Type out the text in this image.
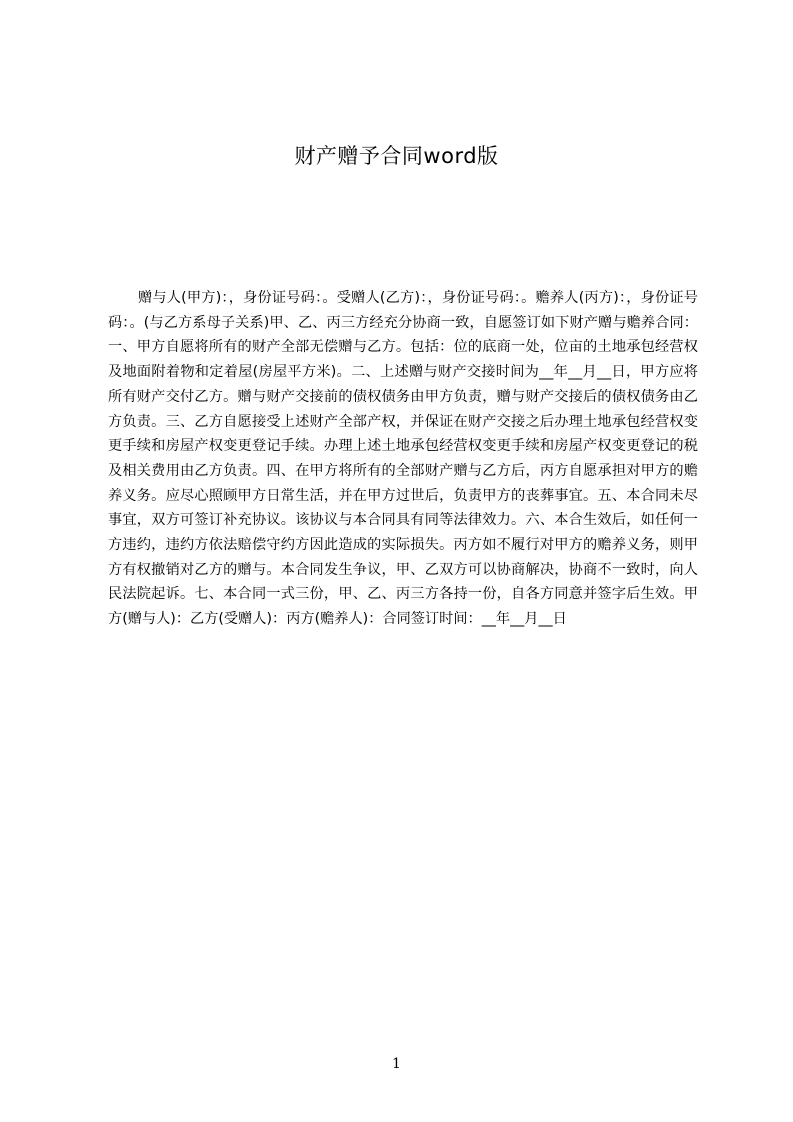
财产赠予合同word版

赠与人(甲方)：，身份证号码：。受赠人(乙方)：，身份证号码：。赡养人(丙方)：，身份证号码：。(与乙方系母子关系)甲、乙、丙三方经充分协商一致，自愿签订如下财产赠与赡养合同：一、甲方自愿将所有的财产全部无偿赠与乙方。包括：位的底商一处，位亩的土地承包经营权及地面附着物和定着屋(房屋平方米)。二、上述赠与财产交接时间为__年__月__日，甲方应将所有财产交付乙方。赠与财产交接前的债权债务由甲方负责，赠与财产交接后的债权债务由乙方负责。三、乙方自愿接受上述财产全部产权，并保证在财产交接之后办理土地承包经营权变更手续和房屋产权变更登记手续。办理上述土地承包经营权变更手续和房屋产权变更登记的税及相关费用由乙方负责。四、在甲方将所有的全部财产赠与乙方后，丙方自愿承担对甲方的赡养义务。应尽心照顾甲方日常生活，并在甲方过世后，负责甲方的丧葬事宜。五、本合同未尽事宜，双方可签订补充协议。该协议与本合同具有同等法律效力。六、本合生效后，如任何一方违约，违约方依法赔偿守约方因此造成的实际损失。丙方如不履行对甲方的赡养义务，则甲方有权撤销对乙方的赠与。本合同发生争议，甲、乙双方可以协商解决，协商不一致时，向人民法院起诉。七、本合同一式三份，甲、乙、丙三方各持一份，自各方同意并签字后生效。甲方(赠与人)：乙方(受赠人)：丙方(赡养人)：合同签订时间：__年__月__日

1
